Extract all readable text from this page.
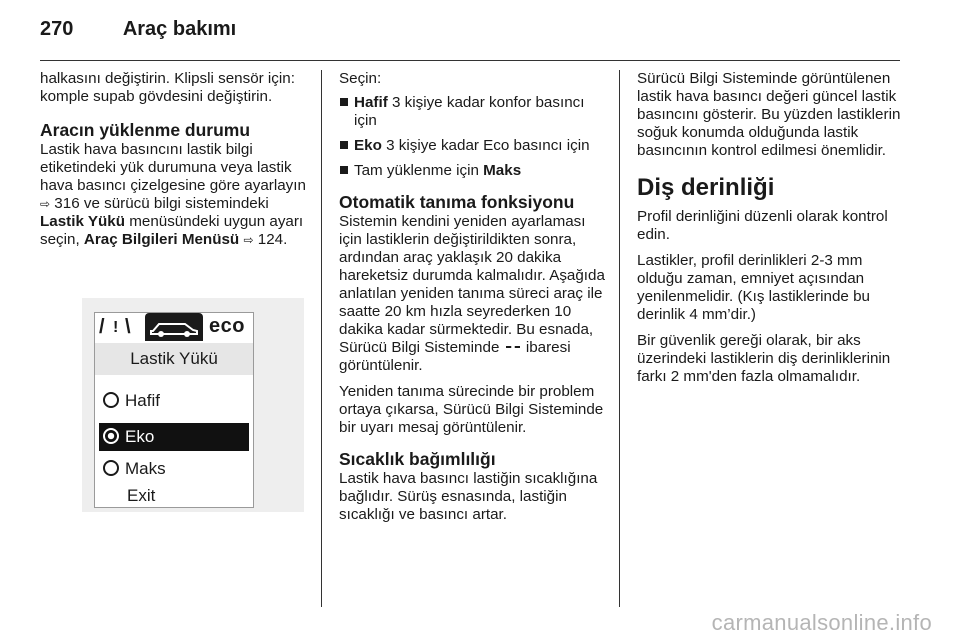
270 Araç bakımı

halkasını değiştirin. Klipsli sensör için: komple supab gövdesini değiştirin.

Aracın yüklenme durumu

Lastik hava basıncını lastik bilgi etiketindeki yük durumuna veya lastik hava basıncı çizelgesine göre ayarlayın ⇨ 316 ve sürücü bilgi sistemindeki Lastik Yükü menüsündeki uygun ayarı seçin, Araç Bilgileri Menüsü ⇨ 124.

/ ! \	eco
Lastik Yükü
Hafif
Eko
Maks
Exit

Seçin:

Hafif 3 kişiye kadar konfor basıncı için
Eko 3 kişiye kadar Eco basıncı için
Tam yüklenme için Maks
Otomatik tanıma fonksiyonu

Sistemin kendini yeniden ayarlaması için lastiklerin değiştirildikten sonra, ardından araç yaklaşık 20 dakika hareketsiz durumda kalmalıdır. Aşağıda anlatılan yeniden tanıma süreci araç ile saatte 20 km hızla seyrederken 10 dakika kadar sürmektedir. Bu esnada, Sürücü Bilgi Sisteminde ibaresi görüntülenir.

Yeniden tanıma sürecinde bir problem ortaya çıkarsa, Sürücü Bilgi Sisteminde bir uyarı mesaj görüntülenir.

Sıcaklık bağımlılığı

Lastik hava basıncı lastiğin sıcaklığına bağlıdır. Sürüş esnasında, lastiğin sıcaklığı ve basıncı artar.

Sürücü Bilgi Sisteminde görüntülenen lastik hava basıncı değeri güncel lastik basıncını gösterir. Bu yüzden lastiklerin soğuk konumda olduğunda lastik basıncının kontrol edilmesi önemlidir.

Diş derinliği

Profil derinliğini düzenli olarak kontrol edin.

Lastikler, profil derinlikleri 2-3 mm olduğu zaman, emniyet açısından yenilenmelidir. (Kış lastiklerinde bu derinlik 4 mm’dir.)

Bir güvenlik gereği olarak, bir aks üzerindeki lastiklerin diş derinliklerinin farkı 2 mm'den fazla olmamalıdır.

carmanualsonline.info
